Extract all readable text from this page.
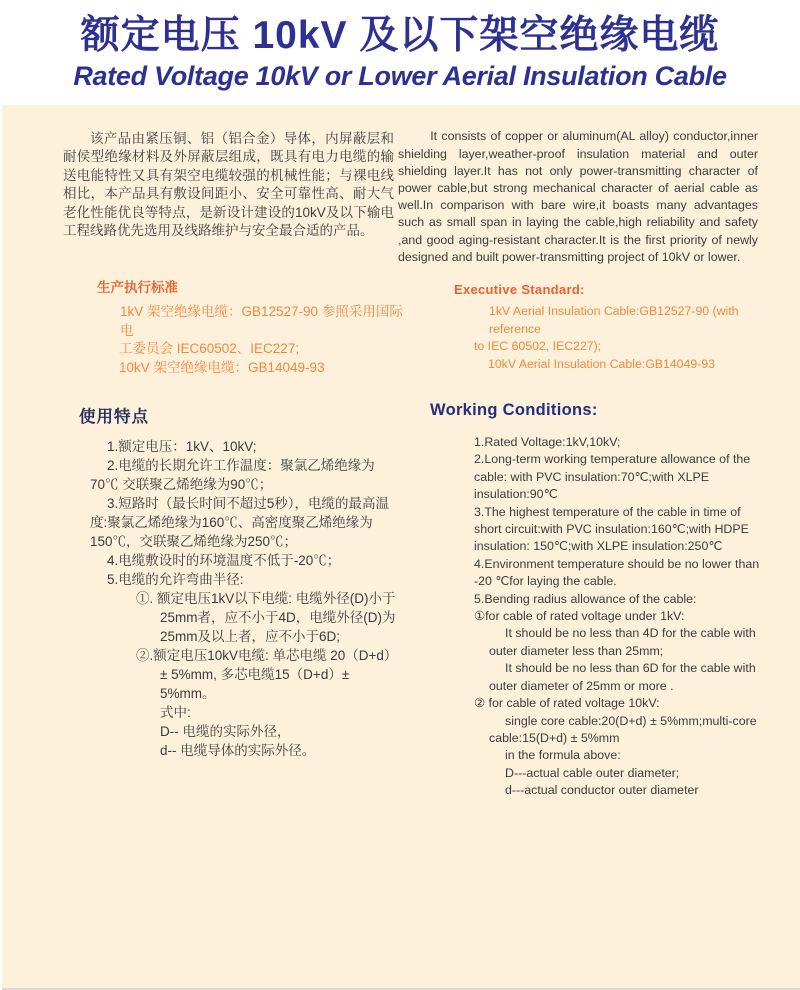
额定电压 10kV 及以下架空绝缘电缆
Rated Voltage 10kV or Lower Aerial Insulation Cable

该产品由紧压铜、铝（铝合金）导体，内屏蔽层和耐侯型绝缘材料及外屏蔽层组成，既具有电力电缆的输送电能特性又具有架空电缆较强的机械性能；与裸电线相比，本产品具有敷设间距小、安全可靠性高、耐大气老化性能优良等特点，是新设计建设的10kV及以下输电工程线路优先选用及线路维护与安全最合适的产品。

It consists of copper or aluminum(AL alloy) conductor,inner shielding layer,weather-proof insulation material and outer shielding layer.It has not only power-transmitting character of power cable,but strong mechanical character of aerial cable as well.In comparison with bare wire,it boasts many advantages such as small span in laying the cable,high reliability and safety ,and good aging-resistant character.It is the first priority of newly designed and built power-transmitting project of 10kV or lower.

生产执行标准

1kV 架空绝缘电缆：GB12527-90 参照采用国际电

工委员会 IEC60502、IEC227;

10kV 架空绝缘电缆：GB14049-93

Executive Standard:

1kV Aerial Insulation Cable:GB12527-90 (with reference

to IEC 60502, IEC227);

10kV Aerial Insulation Cable:GB14049-93

使用特点

1.额定电压：1kV、10kV;

2.电缆的长期允许工作温度：聚氯乙烯绝缘为70℃ 交联聚乙烯绝缘为90℃；

3.短路时（最长时间不超过5秒），电缆的最高温度:聚氯乙烯绝缘为160℃、高密度聚乙烯绝缘为150℃，交联聚乙烯绝缘为250℃；

4.电缆敷设时的环境温度不低于-20℃；

5.电缆的允许弯曲半径:

①. 额定电压1kV以下电缆: 电缆外径(D)小于25mm者，应不小于4D，电缆外径(D)为25mm及以上者，应不小于6D;

②.额定电压10kV电缆: 单芯电缆 20（D+d）± 5%mm, 多芯电缆15（D+d）± 5%mm。

式中:

D-- 电缆的实际外径，

d-- 电缆导体的实际外径。

Working Conditions:

1.Rated Voltage:1kV,10kV;

2.Long-term working temperature allowance of the cable: with PVC insulation:70℃;with XLPE insulation:90℃

3.The highest temperature of the cable in time of short circuit:with PVC insulation:160℃;with HDPE insulation: 150℃;with XLPE insulation:250℃

4.Environment temperature should be no lower than -20 ℃for laying the cable.

5.Bending radius allowance of the cable:

①for cable of rated voltage under 1kV:

It should be no less than 4D for the cable with outer diameter less than 25mm;

It should be no less than 6D for the cable with outer diameter of 25mm or more .

② for cable of rated voltage 10kV:

single core cable:20(D+d) ± 5%mm;multi-core cable:15(D+d) ± 5%mm

in the formula above:

D---actual cable outer diameter;

d---actual conductor outer diameter
